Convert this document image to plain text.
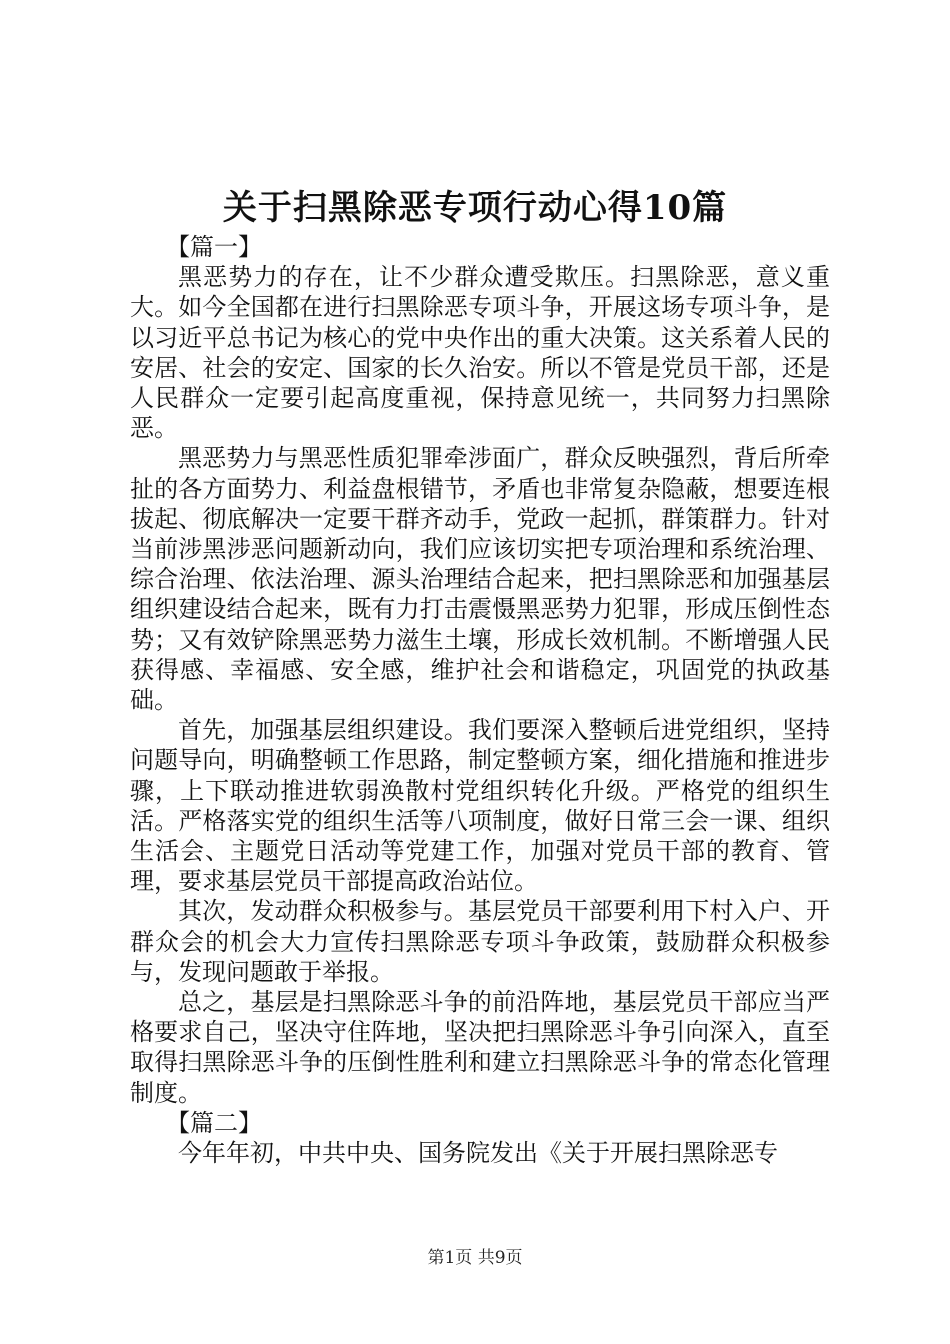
关于扫黑除恶专项行动心得10篇

【篇一】

黑恶势力的存在，让不少群众遭受欺压。扫黑除恶，意义重大。如今全国都在进行扫黑除恶专项斗争，开展这场专项斗争，是以习近平总书记为核心的党中央作出的重大决策。这关系着人民的安居、社会的安定、国家的长久治安。所以不管是党员干部，还是人民群众一定要引起高度重视，保持意见统一，共同努力扫黑除恶。

黑恶势力与黑恶性质犯罪牵涉面广，群众反映强烈，背后所牵扯的各方面势力、利益盘根错节，矛盾也非常复杂隐蔽，想要连根拔起、彻底解决一定要干群齐动手，党政一起抓，群策群力。针对当前涉黑涉恶问题新动向，我们应该切实把专项治理和系统治理、综合治理、依法治理、源头治理结合起来，把扫黑除恶和加强基层组织建设结合起来，既有力打击震慑黑恶势力犯罪，形成压倒性态势；又有效铲除黑恶势力滋生土壤，形成长效机制。不断增强人民获得感、幸福感、安全感，维护社会和谐稳定，巩固党的执政基础。

首先，加强基层组织建设。我们要深入整顿后进党组织，坚持问题导向，明确整顿工作思路，制定整顿方案，细化措施和推进步骤，上下联动推进软弱涣散村党组织转化升级。严格党的组织生活。严格落实党的组织生活等八项制度，做好日常三会一课、组织生活会、主题党日活动等党建工作，加强对党员干部的教育、管理，要求基层党员干部提高政治站位。

其次，发动群众积极参与。基层党员干部要利用下村入户、开群众会的机会大力宣传扫黑除恶专项斗争政策，鼓励群众积极参与，发现问题敢于举报。

总之，基层是扫黑除恶斗争的前沿阵地，基层党员干部应当严格要求自己，坚决守住阵地，坚决把扫黑除恶斗争引向深入，直至取得扫黑除恶斗争的压倒性胜利和建立扫黑除恶斗争的常态化管理制度。

【篇二】

今年年初，中共中央、国务院发出《关于开展扫黑除恶专

第1页 共9页
